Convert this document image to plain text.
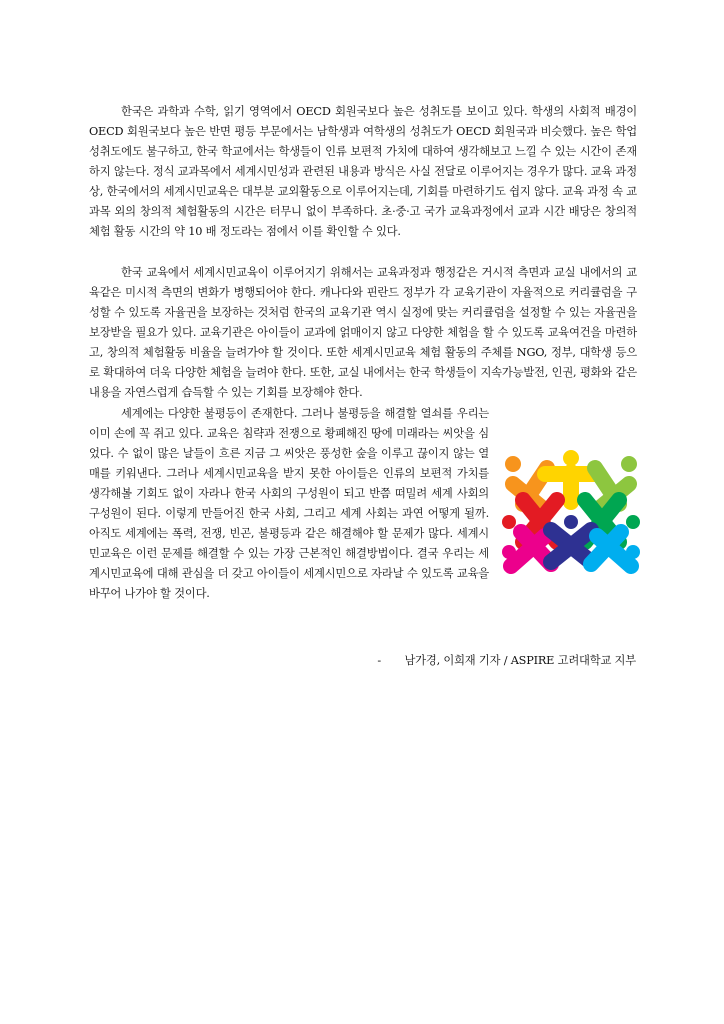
한국은 과학과 수학, 읽기 영역에서 OECD 회원국보다 높은 성취도를 보이고 있다. 학생의 사회적 배경이 OECD 회원국보다 높은 반면 평등 부문에서는 남학생과 여학생의 성취도가 OECD 회원국과 비슷했다. 높은 학업 성취도에도 불구하고, 한국 학교에서는 학생들이 인류 보편적 가치에 대하여 생각해보고 느낄 수 있는 시간이 존재하지 않는다. 정식 교과목에서 세계시민성과 관련된 내용과 방식은 사실 전달로 이루어지는 경우가 많다. 교육 과정 상, 한국에서의 세계시민교육은 대부분 교외활동으로 이루어지는데, 기회를 마련하기도 쉽지 않다. 교육 과정 속 교과목 외의 창의적 체험활동의 시간은 터무니 없이 부족하다. 초·중·고 국가 교육과정에서 교과 시간 배당은 창의적 체험 활동 시간의 약 10 배 정도라는 점에서 이를 확인할 수 있다.

한국 교육에서 세계시민교육이 이루어지기 위해서는 교육과정과 행정같은 거시적 측면과 교실 내에서의 교육같은 미시적 측면의 변화가 병행되어야 한다. 캐나다와 핀란드 정부가 각 교육기관이 자율적으로 커리큘럼을 구성할 수 있도록 자율권을 보장하는 것처럼 한국의 교육기관 역시 실정에 맞는 커리큘럼을 설정할 수 있는 자율권을 보장받을 필요가 있다. 교육기관은 아이들이 교과에 얽매이지 않고 다양한 체험을 할 수 있도록 교육여건을 마련하고, 창의적 체험활동 비율을 늘려가야 할 것이다. 또한 세계시민교육 체험 활동의 주체를 NGO, 정부, 대학생 등으로 확대하여 더욱 다양한 체험을 늘려야 한다. 또한, 교실 내에서는 한국 학생들이 지속가능발전, 인권, 평화와 같은 내용을 자연스럽게 습득할 수 있는 기회를 보장해야 한다.

세계에는 다양한 불평등이 존재한다. 그러나 불평등을 해결할 열쇠를 우리는 이미 손에 꼭 쥐고 있다. 교육은 침략과 전쟁으로 황폐해진 땅에 미래라는 씨앗을 심었다. 수 없이 많은 날들이 흐른 지금 그 씨앗은 풍성한 숲을 이루고 끊이지 않는 열매를 키워낸다. 그러나 세계시민교육을 받지 못한 아이들은 인류의 보편적 가치를 생각해볼 기회도 없이 자라나 한국 사회의 구성원이 되고 반쯤 떠밀려 세계 사회의 구성원이 된다. 이렇게 만들어진 한국 사회, 그리고 세계 사회는 과연 어떻게 될까. 아직도 세계에는 폭력, 전쟁, 빈곤, 불평등과 같은 해결해야 할 문제가 많다. 세계시민교육은 이런 문제를 해결할 수 있는 가장 근본적인 해결방법이다. 결국 우리는 세계시민교육에 대해 관심을 더 갖고 아이들이 세계시민으로 자라날 수 있도록 교육을 바꾸어 나가야 할 것이다.

- 남가경, 이희재 기자 / ASPIRE 고려대학교 지부
